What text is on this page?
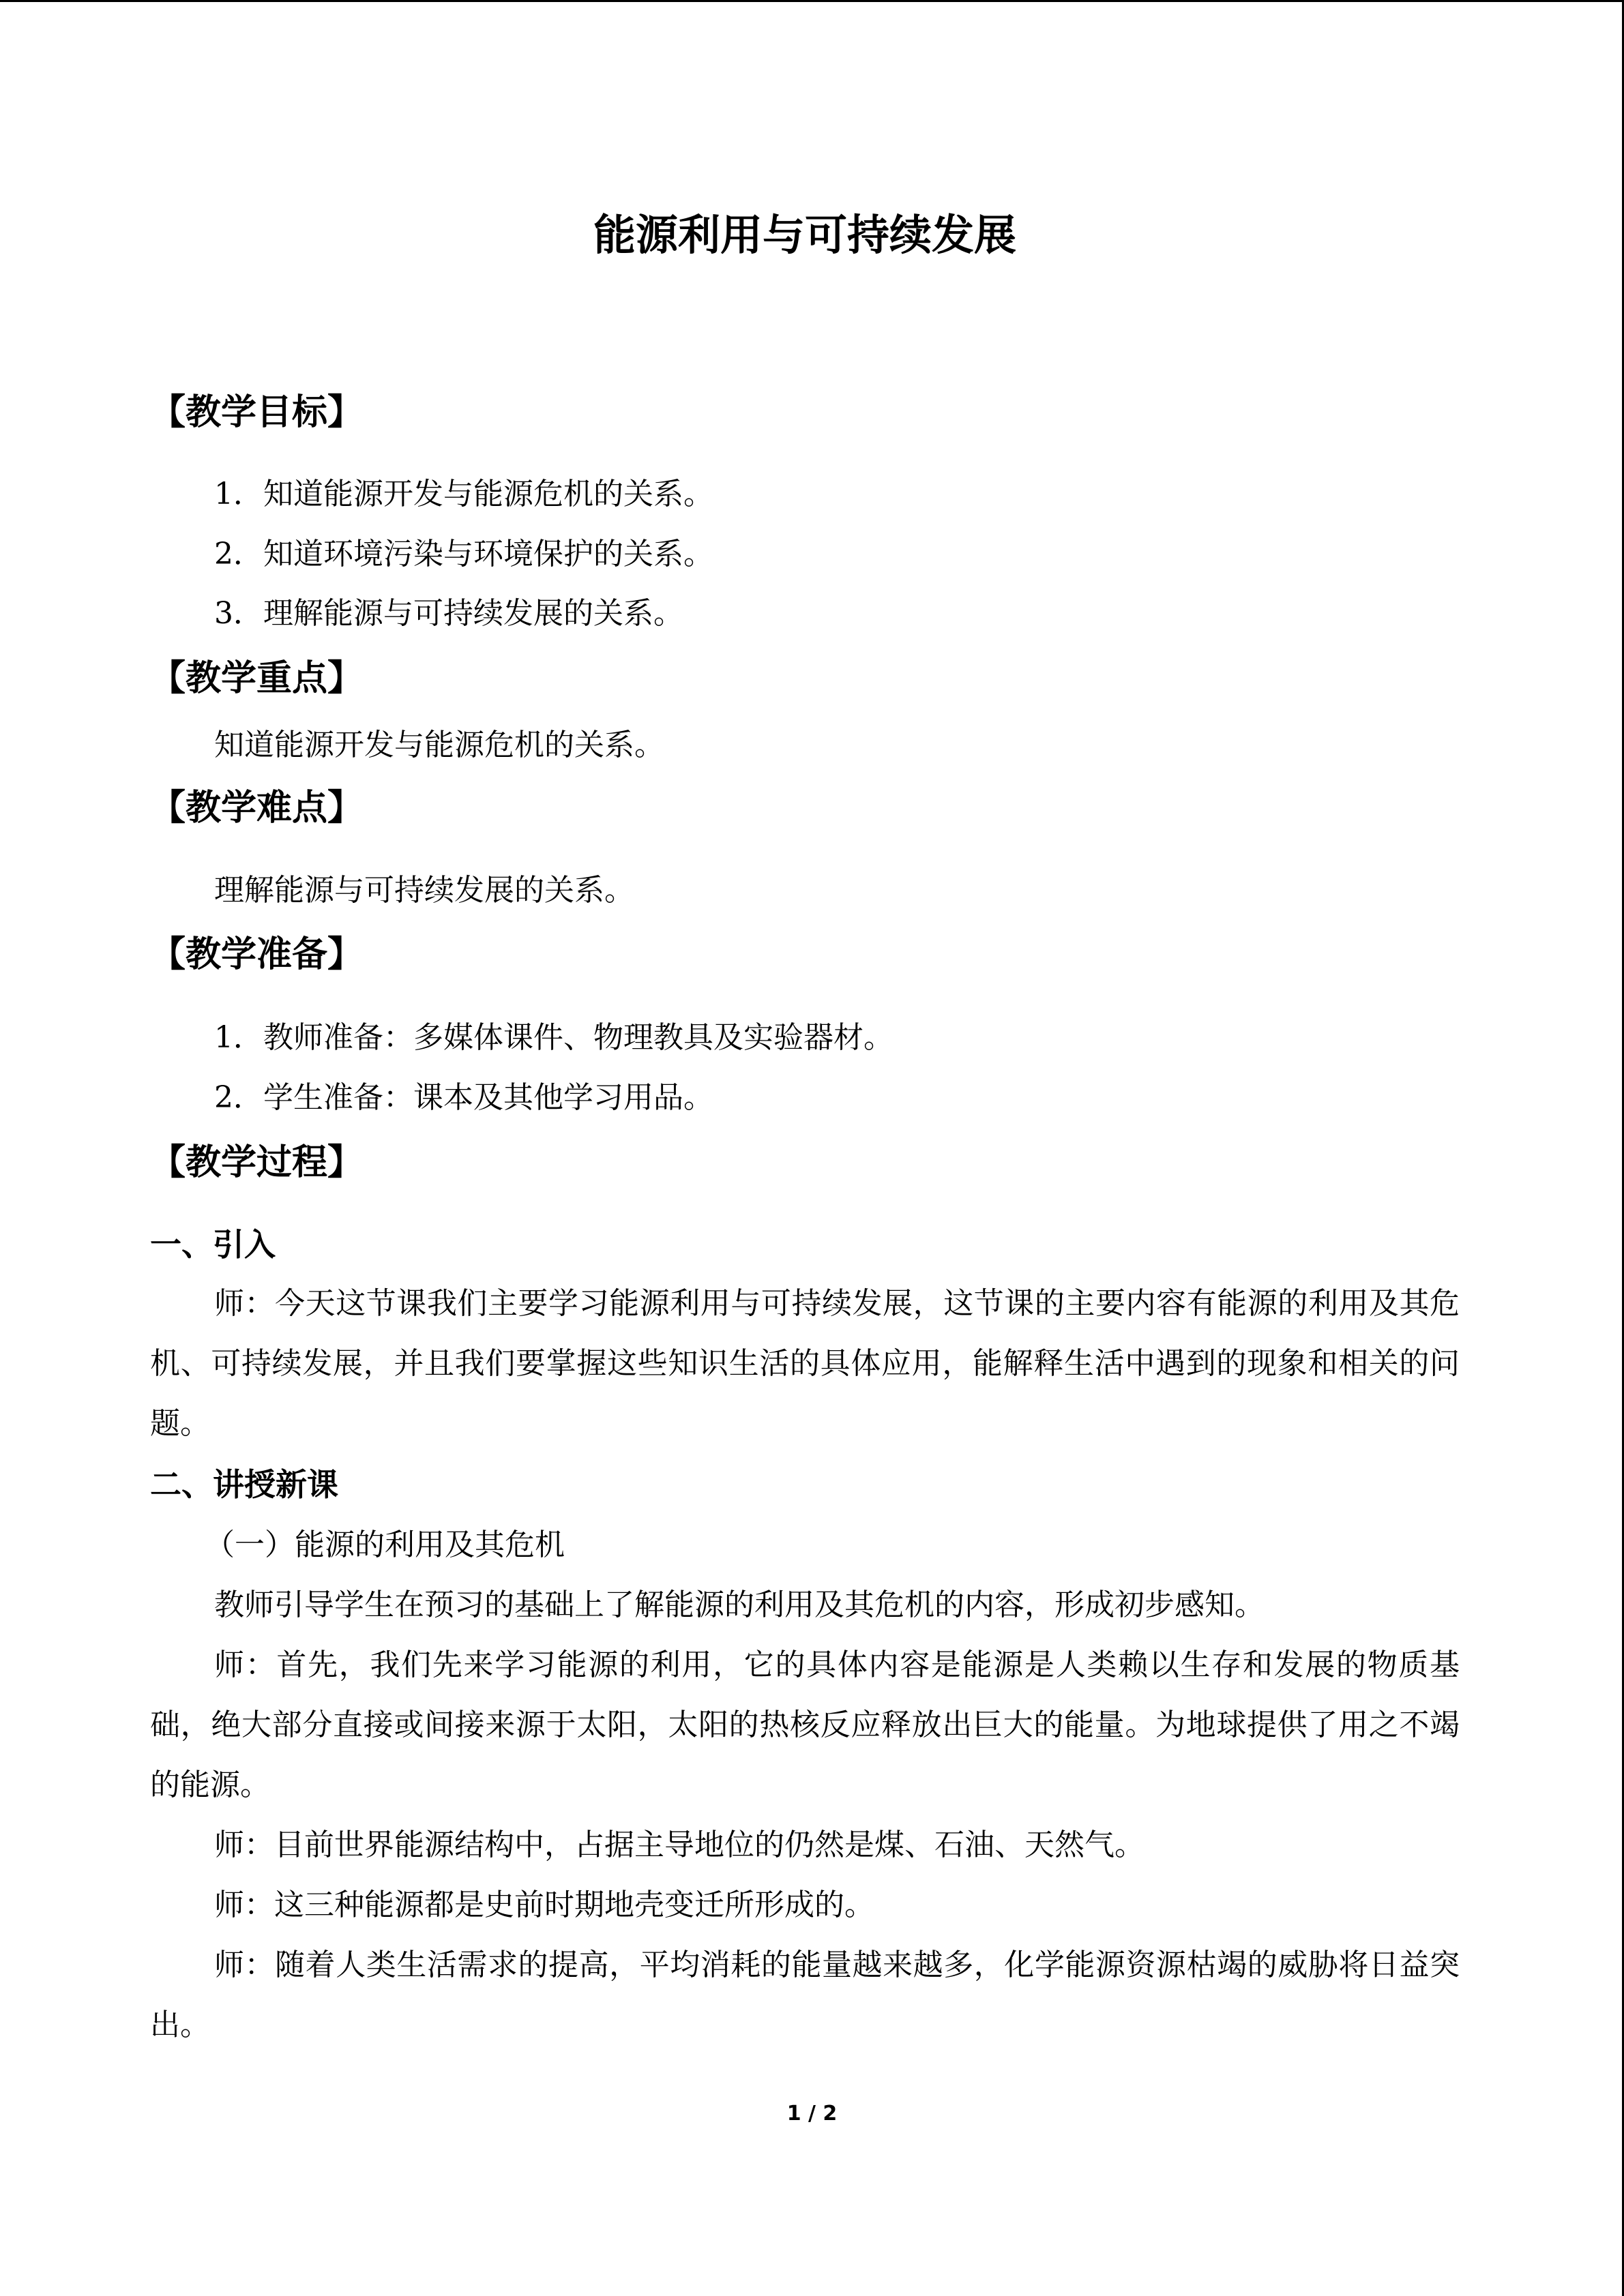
能源利用与可持续发展
【教学目标】
1．知道能源开发与能源危机的关系。
2．知道环境污染与环境保护的关系。
3．理解能源与可持续发展的关系。
【教学重点】
知道能源开发与能源危机的关系。
【教学难点】
理解能源与可持续发展的关系。
【教学准备】
1．教师准备：多媒体课件、物理教具及实验器材。
2．学生准备：课本及其他学习用品。
【教学过程】
一、引入
师：今天这节课我们主要学习能源利用与可持续发展，这节课的主要内容有能源的利用及其危机、可持续发展，并且我们要掌握这些知识生活的具体应用，能解释生活中遇到的现象和相关的问题。
二、讲授新课
（一）能源的利用及其危机
教师引导学生在预习的基础上了解能源的利用及其危机的内容，形成初步感知。
师：首先，我们先来学习能源的利用，它的具体内容是能源是人类赖以生存和发展的物质基础，绝大部分直接或间接来源于太阳，太阳的热核反应释放出巨大的能量。为地球提供了用之不竭的能源。
师：目前世界能源结构中，占据主导地位的仍然是煤、石油、天然气。
师：这三种能源都是史前时期地壳变迁所形成的。
师：随着人类生活需求的提高，平均消耗的能量越来越多，化学能源资源枯竭的威胁将日益突出。
1 / 2
